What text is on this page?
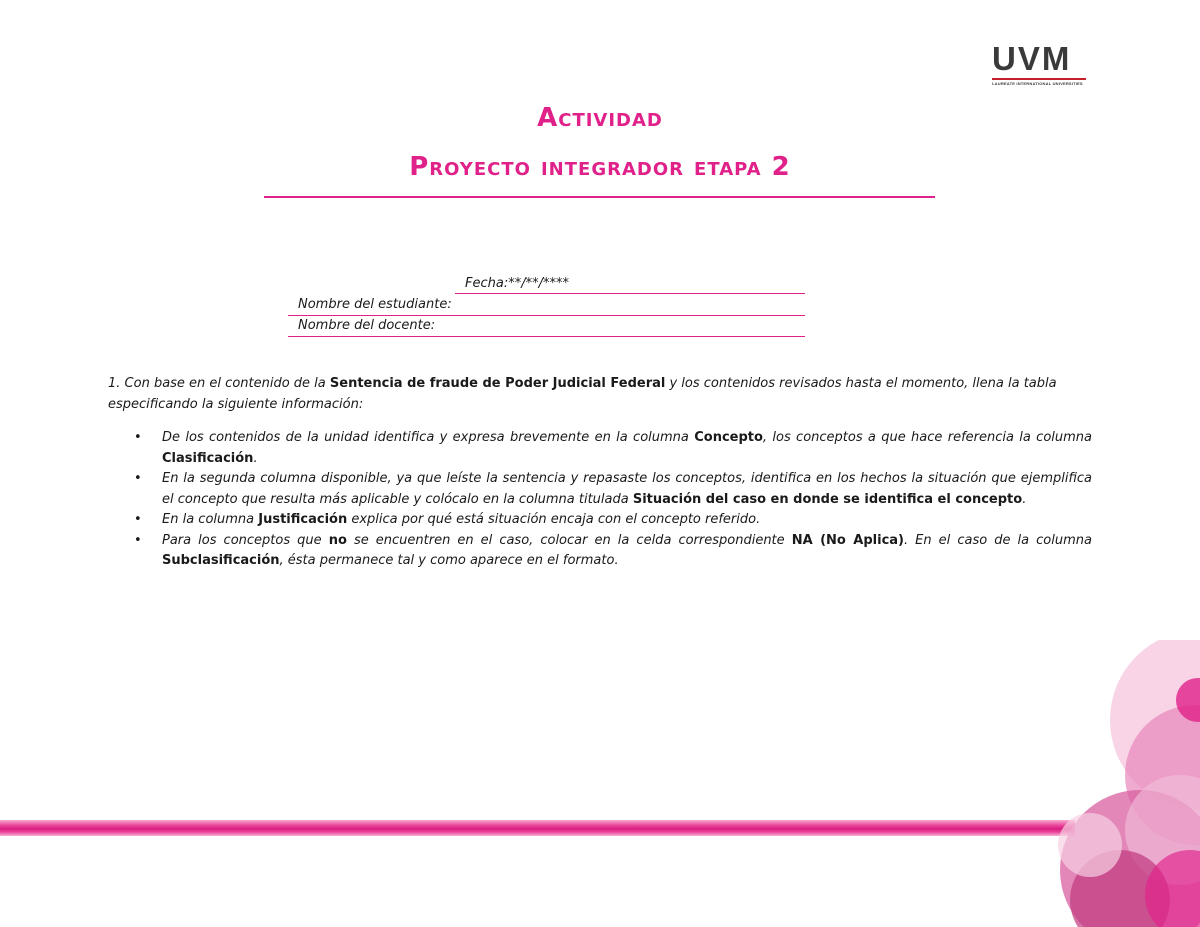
UVM
LAUREATE INTERNATIONAL UNIVERSITIES
Actividad
Proyecto integrador etapa 2
Fecha:**/**/****
Nombre del estudiante:
Nombre del docente:
1. Con base en el contenido de la Sentencia de fraude de Poder Judicial Federal y los contenidos revisados hasta el momento, llena la tabla especificando la siguiente información:
• De los contenidos de la unidad identifica y expresa brevemente en la columna Concepto, los conceptos a que hace referencia la columna Clasificación.
• En la segunda columna disponible, ya que leíste la sentencia y repasaste los conceptos, identifica en los hechos la situación que ejemplifica el concepto que resulta más aplicable y colócalo en la columna titulada Situación del caso en donde se identifica el concepto.
• En la columna Justificación explica por qué está situación encaja con el concepto referido.
• Para los conceptos que no se encuentren en el caso, colocar en la celda correspondiente NA (No Aplica). En el caso de la columna Subclasificación, ésta permanece tal y como aparece en el formato.
